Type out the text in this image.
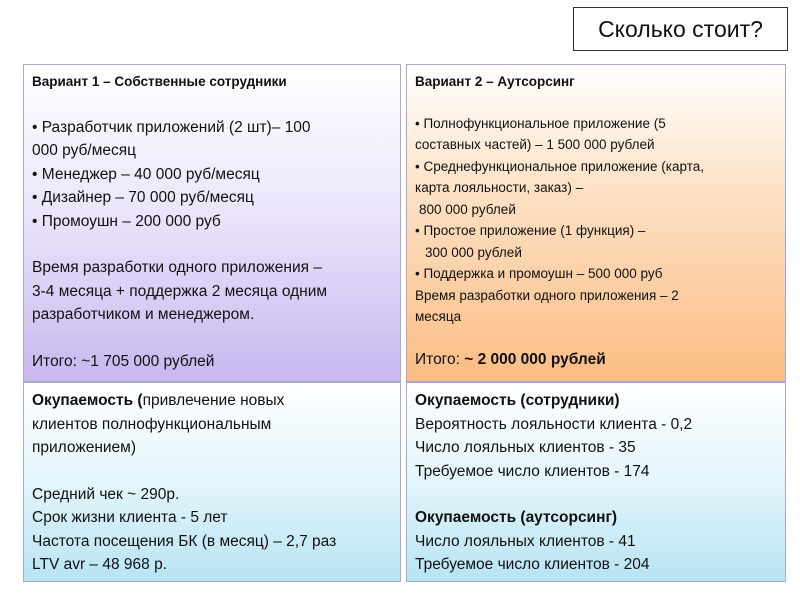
Сколько стоит?
Вариант 1 – Собственные сотрудники
• Разработчик приложений (2 шт)– 100
000 руб/месяц
• Менеджер – 40 000 руб/месяц
• Дизайнер – 70 000 руб/месяц
• Промоушн – 200 000 руб
Время разработки одного приложения –
3-4 месяца + поддержка 2 месяца одним
разработчиком и менеджером.
Итого: ~1 705 000 рублей
Вариант 2 – Аутсорсинг
• Полнофункциональное приложение (5
составных частей) – 1 500 000 рублей
• Среднефункциональное приложение (карта,
карта лояльности, заказ) –
800 000 рублей
• Простое приложение (1 функция) –
300 000 рублей
• Поддержка и промоушн – 500 000 руб
Время разработки одного приложения – 2
месяца
Итого: ~ 2 000 000 рублей
Окупаемость (привлечение новых
клиентов полнофункциональным
приложением)
Средний чек ~ 290р.
Срок жизни клиента - 5 лет
Частота посещения БК (в месяц) – 2,7 раз
LTV avr – 48 968 р.
Окупаемость (сотрудники)
Вероятность лояльности клиента - 0,2
Число лояльных клиентов - 35
Требуемое число клиентов - 174
Окупаемость (аутсорсинг)
Число лояльных клиентов - 41
Требуемое число клиентов - 204
